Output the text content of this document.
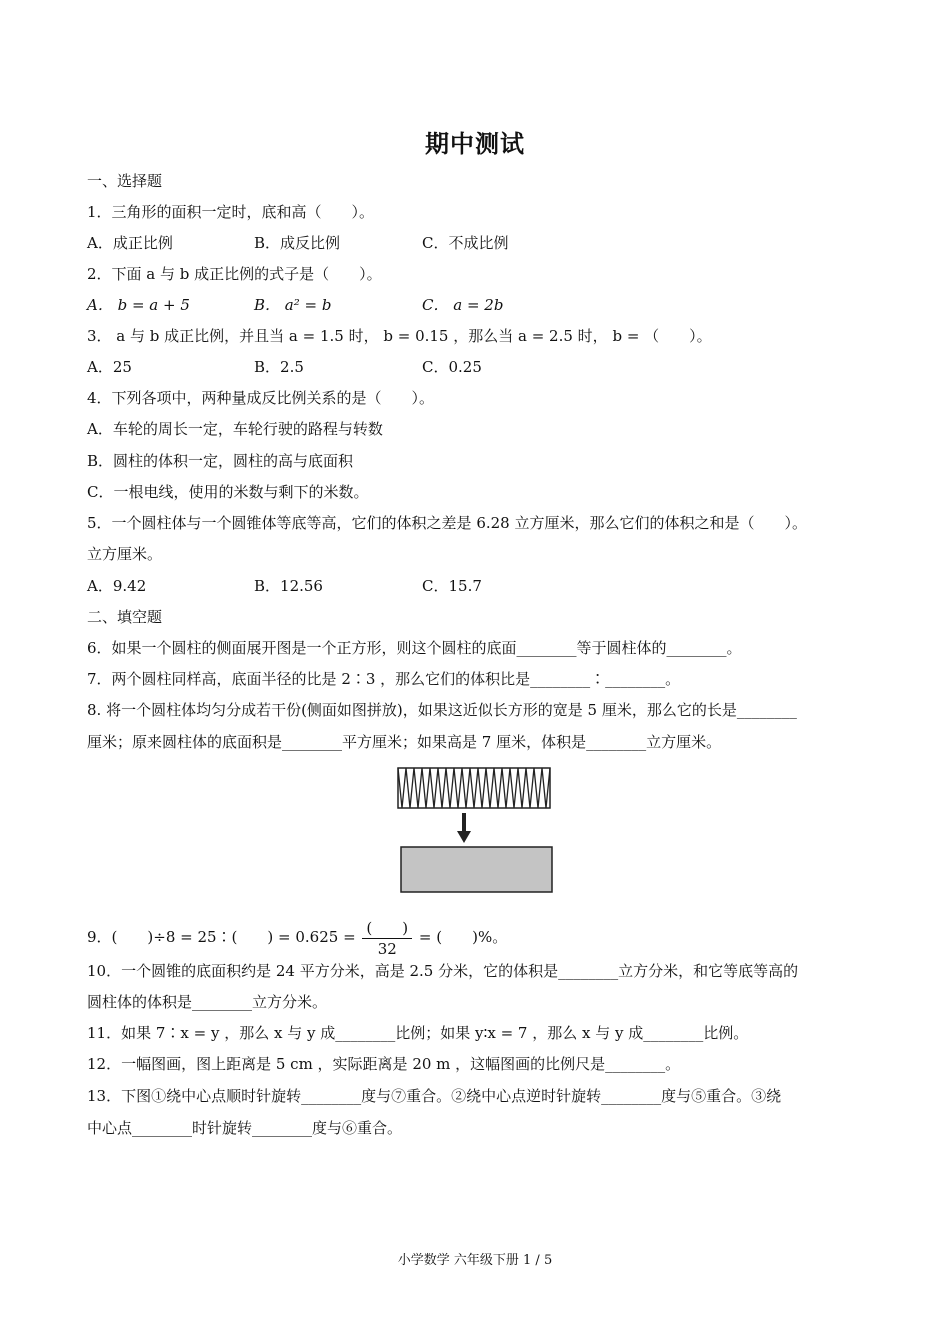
期中测试
一、选择题
1．三角形的面积一定时，底和高（　　）。
A．成正比例	B．成反比例	C．不成比例
2．下面 a 与 b 成正比例的式子是（　　）。
A． b = a + 5	B． a² = b	C． a = 2b
3． a 与 b 成正比例，并且当 a = 1.5 时， b = 0.15 ，那么当 a = 2.5 时， b = （　　）。
A．25	B．2.5	C．0.25
4．下列各项中，两种量成反比例关系的是（　　）。
A．车轮的周长一定，车轮行驶的路程与转数
B．圆柱的体积一定，圆柱的高与底面积
C．一根电线，使用的米数与剩下的米数。
5．一个圆柱体与一个圆锥体等底等高，它们的体积之差是 6.28 立方厘米，那么它们的体积之和是（　　）。
立方厘米。
A．9.42	B．12.56	C．15.7
二、填空题
6．如果一个圆柱的侧面展开图是一个正方形，则这个圆柱的底面________等于圆柱体的________。
7．两个圆柱同样高，底面半径的比是 2∶3 ，那么它们的体积比是________∶________。
8. 将一个圆柱体均匀分成若干份(侧面如图拼放)，如果这近似长方形的宽是 5 厘米，那么它的长是________
厘米；原来圆柱体的底面积是________平方厘米；如果高是 7 厘米，体积是________立方厘米。
9．(　　)÷8 = 25∶(　　) = $0.625 = \frac{( )}{32}$ = (　　)%。
10．一个圆锥的底面积约是 24 平方分米，高是 2.5 分米，它的体积是________立方分米，和它等底等高的
圆柱体的体积是________立方分米。
11．如果 7∶x = y ，那么 x 与 y 成________比例；如果 y∶x = 7 ，那么 x 与 y 成________比例。
12．一幅图画，图上距离是 5 cm ，实际距离是 20 m ，这幅图画的比例尺是________。
13．下图①绕中心点顺时针旋转________度与⑦重合。②绕中心点逆时针旋转________度与⑤重合。③绕
中心点________时针旋转________度与⑥重合。
小学数学 六年级下册 1 / 5
